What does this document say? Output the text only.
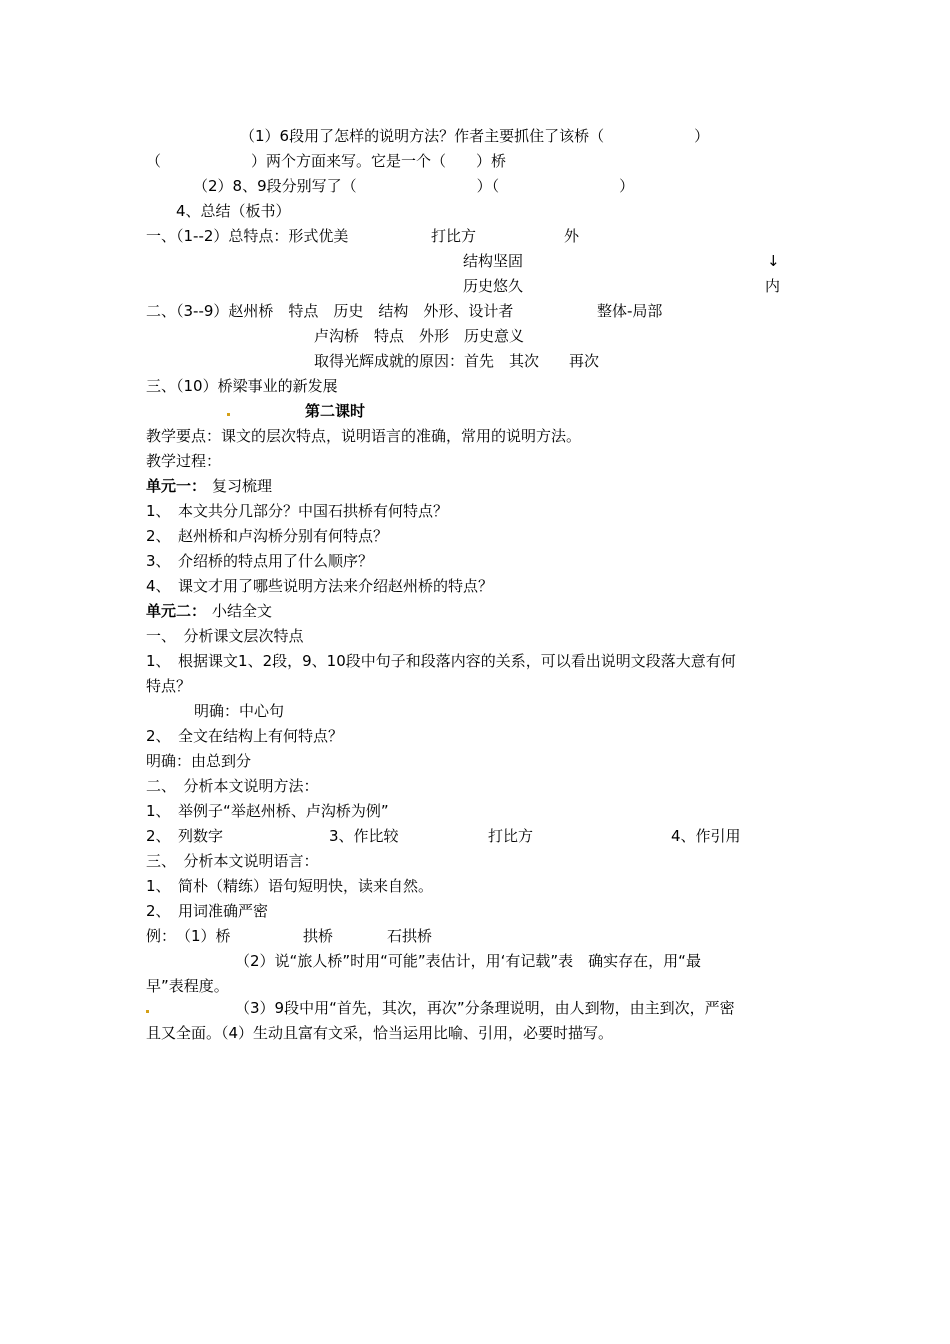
（1）6段用了怎样的说明方法？作者主要抓住了该桥（　　　　　　）
（　　　　　　）两个方面来写。它是一个（　　）桥
（2）8、9段分别写了（　　　　　　　　）（　　　　　　　　）
4、总结（板书）
一、（1--2）总特点：形式优美	打比方	外
结构坚固	↓
历史悠久	内
二、（3--9）赵州桥　特点　历史　结构　外形、设计者	整体-局部
卢沟桥　特点　外形　历史意义
取得光辉成就的原因：首先　其次　　再次
三、（10）桥梁事业的新发展
第二课时
教学要点：课文的层次特点，说明语言的准确，常用的说明方法。
教学过程：
单元一： 复习梳理
1、　本文共分几部分？中国石拱桥有何特点？
2、　赵州桥和卢沟桥分别有何特点？
3、　介绍桥的特点用了什么顺序？
4、　课文才用了哪些说明方法来介绍赵州桥的特点？
单元二： 小结全文
一、　分析课文层次特点
1、　根据课文1、2段，9、10段中句子和段落内容的关系，可以看出说明文段落大意有何
特点？
明确：中心句
2、　全文在结构上有何特点？
明确：由总到分
二、　分析本文说明方法：
1、　举例子“举赵州桥、卢沟桥为例”
2、　列数字	3、作比较	打比方	4、作引用
三、　分析本文说明语言：
1、　简朴（精练）语句短明快，读来自然。
2、　用词准确严密
例：　（1）桥	拱桥	石拱桥
（2）说“旅人桥”时用“可能”表估计，用‘有记载”表　确实存在，用“最
早”表程度。
（3）9段中用“首先，其次，再次”分条理说明，由人到物，由主到次，严密
且又全面。（4）生动且富有文采，恰当运用比喻、引用，必要时描写。
